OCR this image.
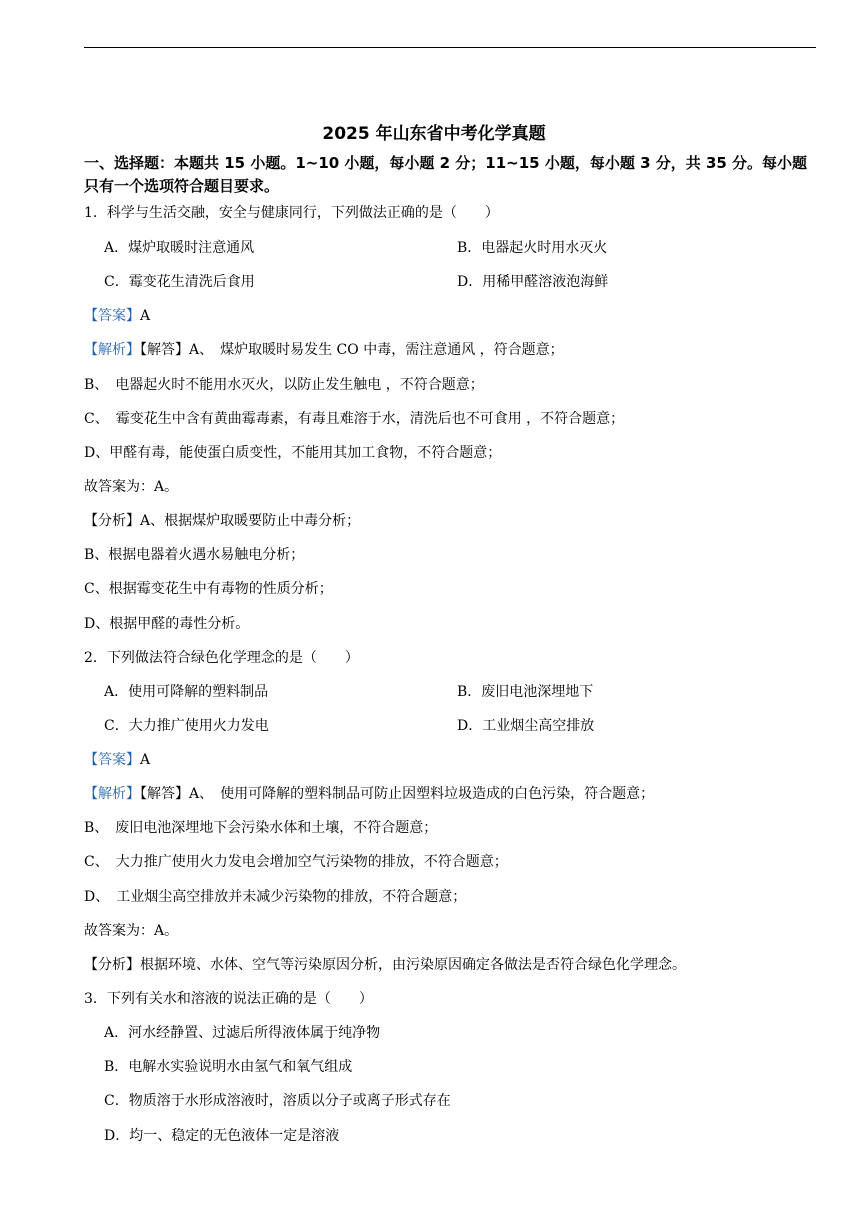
2025 年山东省中考化学真题
一、选择题：本题共 15 小题。1~10 小题，每小题 2 分；11~15 小题，每小题 3 分，共 35 分。每小题只有一个选项符合题目要求。
1．科学与生活交融，安全与健康同行，下列做法正确的是（　　）
A．煤炉取暖时注意通风	B．电器起火时用水灭火
C．霉变花生清洗后食用	D．用稀甲醛溶液泡海鲜
【答案】A
【解析】【解答】A、　煤炉取暖时易发生 CO 中毒，需注意通风 ，符合题意；
B、　电器起火时不能用水灭火，以防止发生触电 ，不符合题意；
C、　霉变花生中含有黄曲霉毒素，有毒且难溶于水，清洗后也不可食用 ，不符合题意；
D、甲醛有毒，能使蛋白质变性，不能用其加工食物，不符合题意；
故答案为：A。
【分析】A、根据煤炉取暖要防止中毒分析；
B、根据电器着火遇水易触电分析；
C、根据霉变花生中有毒物的性质分析；
D、根据甲醛的毒性分析。
2．下列做法符合绿色化学理念的是（　　）
A．使用可降解的塑料制品	B．废旧电池深埋地下
C．大力推广使用火力发电	D．工业烟尘高空排放
【答案】A
【解析】【解答】A、　使用可降解的塑料制品可防止因塑料垃圾造成的白色污染，符合题意；
B、　废旧电池深埋地下会污染水体和土壤，不符合题意；
C、　大力推广使用火力发电会增加空气污染物的排放，不符合题意；
D、　工业烟尘高空排放并未减少污染物的排放，不符合题意；
故答案为：A。
【分析】根据环境、水体、空气等污染原因分析，由污染原因确定各做法是否符合绿色化学理念。
3．下列有关水和溶液的说法正确的是（　　）
A．河水经静置、过滤后所得液体属于纯净物
B．电解水实验说明水由氢气和氧气组成
C．物质溶于水形成溶液时，溶质以分子或离子形式存在
D．均一、稳定的无色液体一定是溶液
